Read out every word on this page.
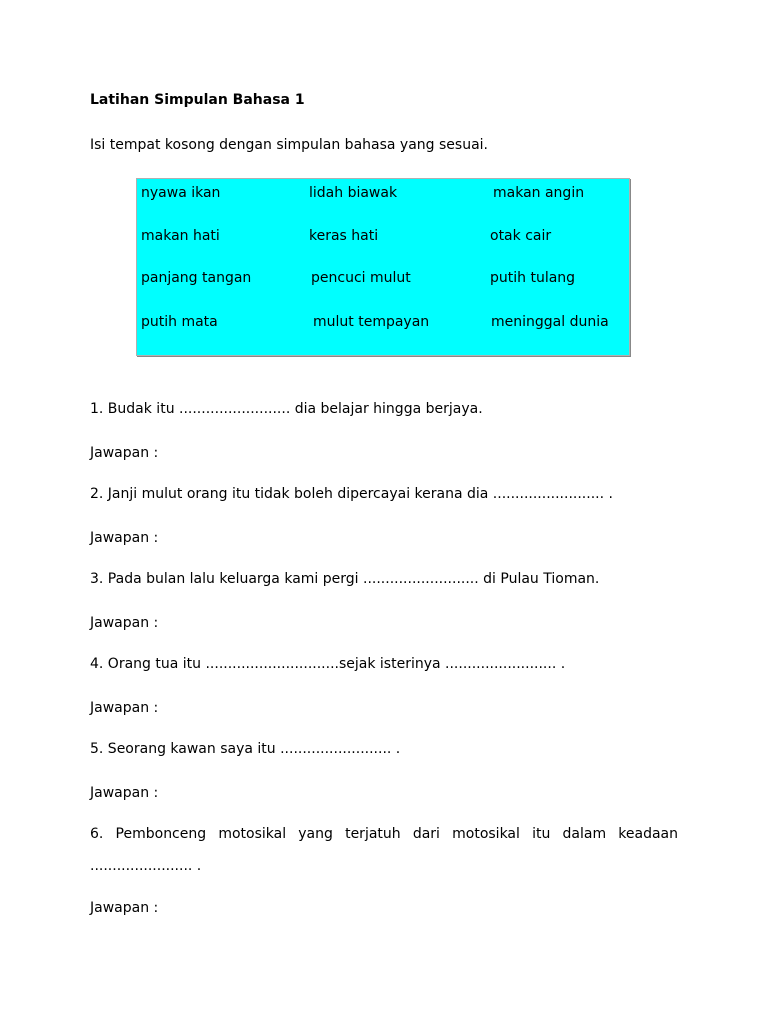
Latihan Simpulan Bahasa 1
Isi tempat kosong dengan simpulan bahasa yang sesuai.
nyawa ikan	lidah biawak	makan angin
makan hati	keras hati	otak cair
panjang tangan	pencuci mulut	putih tulang
putih mata	mulut tempayan	meninggal dunia
1. Budak itu ......................... dia belajar hingga berjaya.
Jawapan :
2. Janji mulut orang itu tidak boleh dipercayai kerana dia ......................... .
Jawapan :
3. Pada bulan lalu keluarga kami pergi .......................... di Pulau Tioman.
Jawapan :
4. Orang tua itu ..............................sejak isterinya ......................... .
Jawapan :
5. Seorang kawan saya itu ......................... .
Jawapan :
6. Pembonceng motosikal yang terjatuh dari motosikal itu dalam keadaan
....................... .
Jawapan :
